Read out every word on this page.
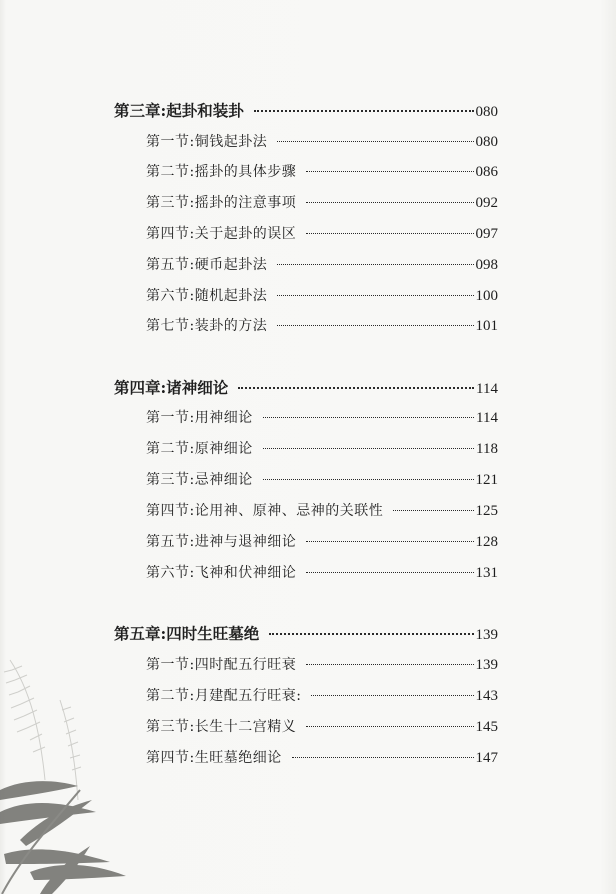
第三章:起卦和装卦	080
第一节:铜钱起卦法	080
第二节:摇卦的具体步骤	086
第三节:摇卦的注意事项	092
第四节:关于起卦的误区	097
第五节:硬币起卦法	098
第六节:随机起卦法	100
第七节:装卦的方法	101
第四章:诸神细论	114
第一节:用神细论	114
第二节:原神细论	118
第三节:忌神细论	121
第四节:论用神、原神、忌神的关联性	125
第五节:进神与退神细论	128
第六节:飞神和伏神细论	131
第五章:四时生旺墓绝	139
第一节:四时配五行旺衰	139
第二节:月建配五行旺衰:	143
第三节:长生十二宫精义	145
第四节:生旺墓绝细论	147
